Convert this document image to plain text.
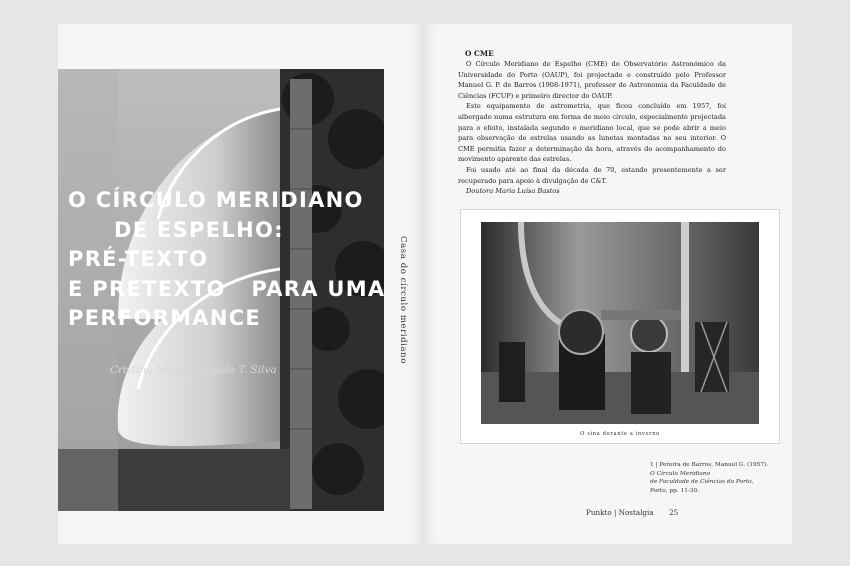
O CÍRCULO MERIDIANO
DE ESPELHO:
PRÉ-TEXTO
E PRETEXTO   PARA UMA
PERFORMANCE
Cristina Morais e Paulo T. Silva
Casa do círculo meridiano
O CME

O Círculo Meridiano de Espelho (CME) do Observatório Astronómico da Universidade do Porto (OAUP), foi projectado e construído pelo Professor Manuel G. P. de Barros (1908-1971), professor de Astronomia da Faculdade de Ciências (FCUP) e primeiro director do OAUP.

Este equipamento de astrometria, que ficou concluído em 1957, foi albergado numa estrutura em forma de meio círculo, especialmente projectada para o efeito, instalada segundo o meridiano local, que se pode abrir a meio para observação de estrelas usando as lunetas montadas no seu interior. O CME permitia fazer a determinação da hora, através do acompanhamento do movimento aparente das estrelas.

Foi usado até ao final da década de 70, estando presentemente a ser recuperado para apoio à divulgação de C&T.

Doutora Maria Luísa Bastos

O sina durante a inverno
1 | Pereira de Barros, Manuel G. (1957).
O Círculo Meridiano
de Faculdade de Ciências do Porto,
Porto, pp. 11-30.
Punkto | Nostalgia 25
